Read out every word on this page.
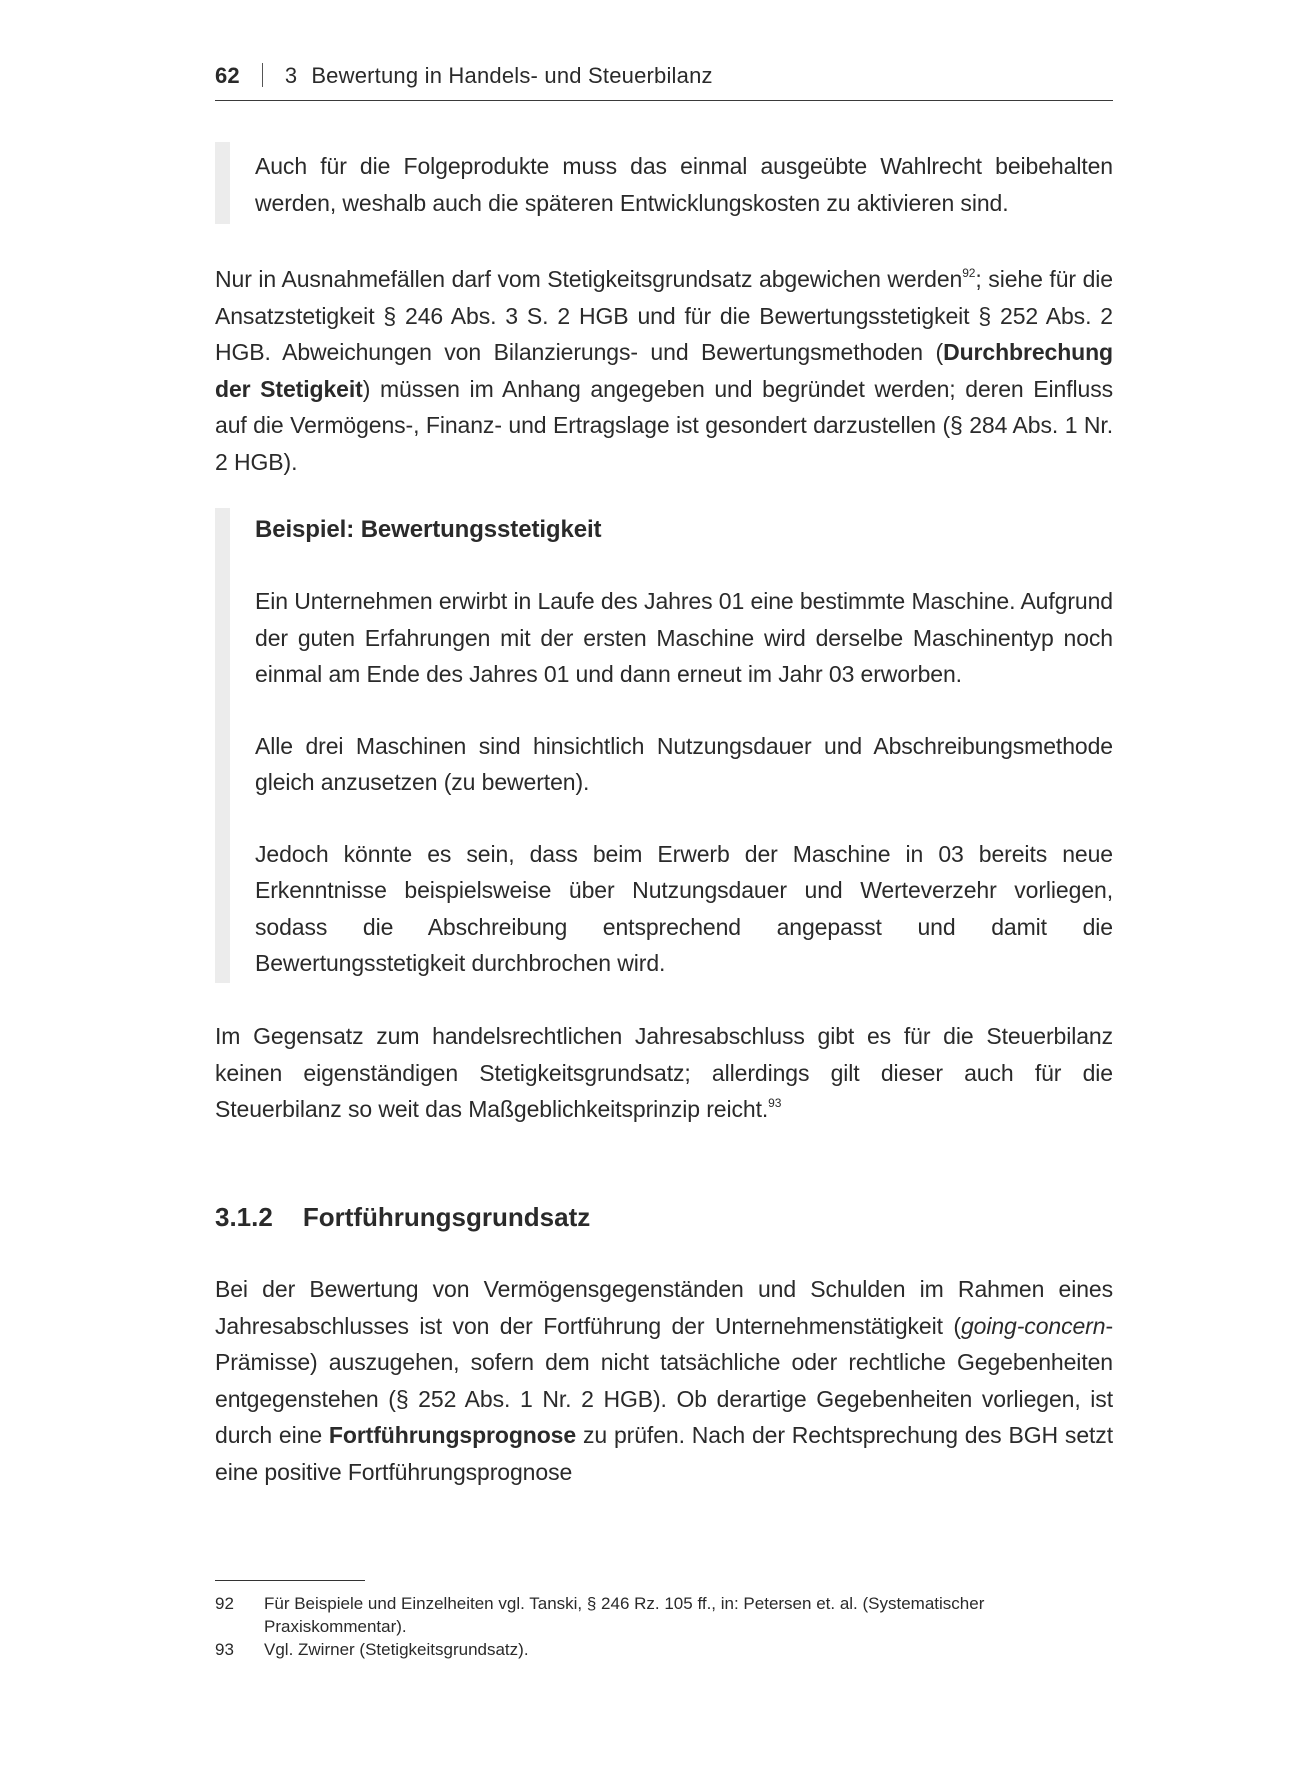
62 3 Bewertung in Handels- und Steuerbilanz

Auch für die Folgeprodukte muss das einmal ausgeübte Wahlrecht beibehalten werden, weshalb auch die späteren Entwicklungskosten zu aktivieren sind.

Nur in Ausnahmefällen darf vom Stetigkeitsgrundsatz abgewichen werden$^{92}$; siehe für die Ansatzstetigkeit § 246 Abs. 3 S. 2 HGB und für die Bewertungsstetigkeit § 252 Abs. 2 HGB. Abweichungen von Bilanzierungs- und Bewertungsmethoden (Durchbrechung der Stetigkeit) müssen im Anhang angegeben und begründet werden; deren Einfluss auf die Vermögens-, Finanz- und Ertragslage ist gesondert darzustellen (§ 284 Abs. 1 Nr. 2 HGB).

Beispiel: Bewertungsstetigkeit

Ein Unternehmen erwirbt in Laufe des Jahres 01 eine bestimmte Maschine. Aufgrund der guten Erfahrungen mit der ersten Maschine wird derselbe Maschinentyp noch einmal am Ende des Jahres 01 und dann erneut im Jahr 03 erworben.

Alle drei Maschinen sind hinsichtlich Nutzungsdauer und Abschreibungsmethode gleich anzusetzen (zu bewerten).

Jedoch könnte es sein, dass beim Erwerb der Maschine in 03 bereits neue Erkenntnisse beispielsweise über Nutzungsdauer und Werteverzehr vorliegen, sodass die Abschreibung entsprechend angepasst und damit die Bewertungsstetigkeit durchbrochen wird.

Im Gegensatz zum handelsrechtlichen Jahresabschluss gibt es für die Steuerbilanz keinen eigenständigen Stetigkeitsgrundsatz; allerdings gilt dieser auch für die Steuerbilanz so weit das Maßgeblichkeitsprinzip reicht.$^{93}$

3.1.2 Fortführungsgrundsatz

Bei der Bewertung von Vermögensgegenständen und Schulden im Rahmen eines Jahresabschlusses ist von der Fortführung der Unternehmenstätigkeit (going-concern-Prämisse) auszugehen, sofern dem nicht tatsächliche oder rechtliche Gegebenheiten entgegenstehen (§ 252 Abs. 1 Nr. 2 HGB). Ob derartige Gegebenheiten vorliegen, ist durch eine Fortführungsprognose zu prüfen. Nach der Rechtsprechung des BGH setzt eine positive Fortführungsprognose

92	Für Beispiele und Einzelheiten vgl. Tanski, § 246 Rz. 105 ff., in: Petersen et. al. (Systematischer Praxiskommentar).
93	Vgl. Zwirner (Stetigkeitsgrundsatz).
